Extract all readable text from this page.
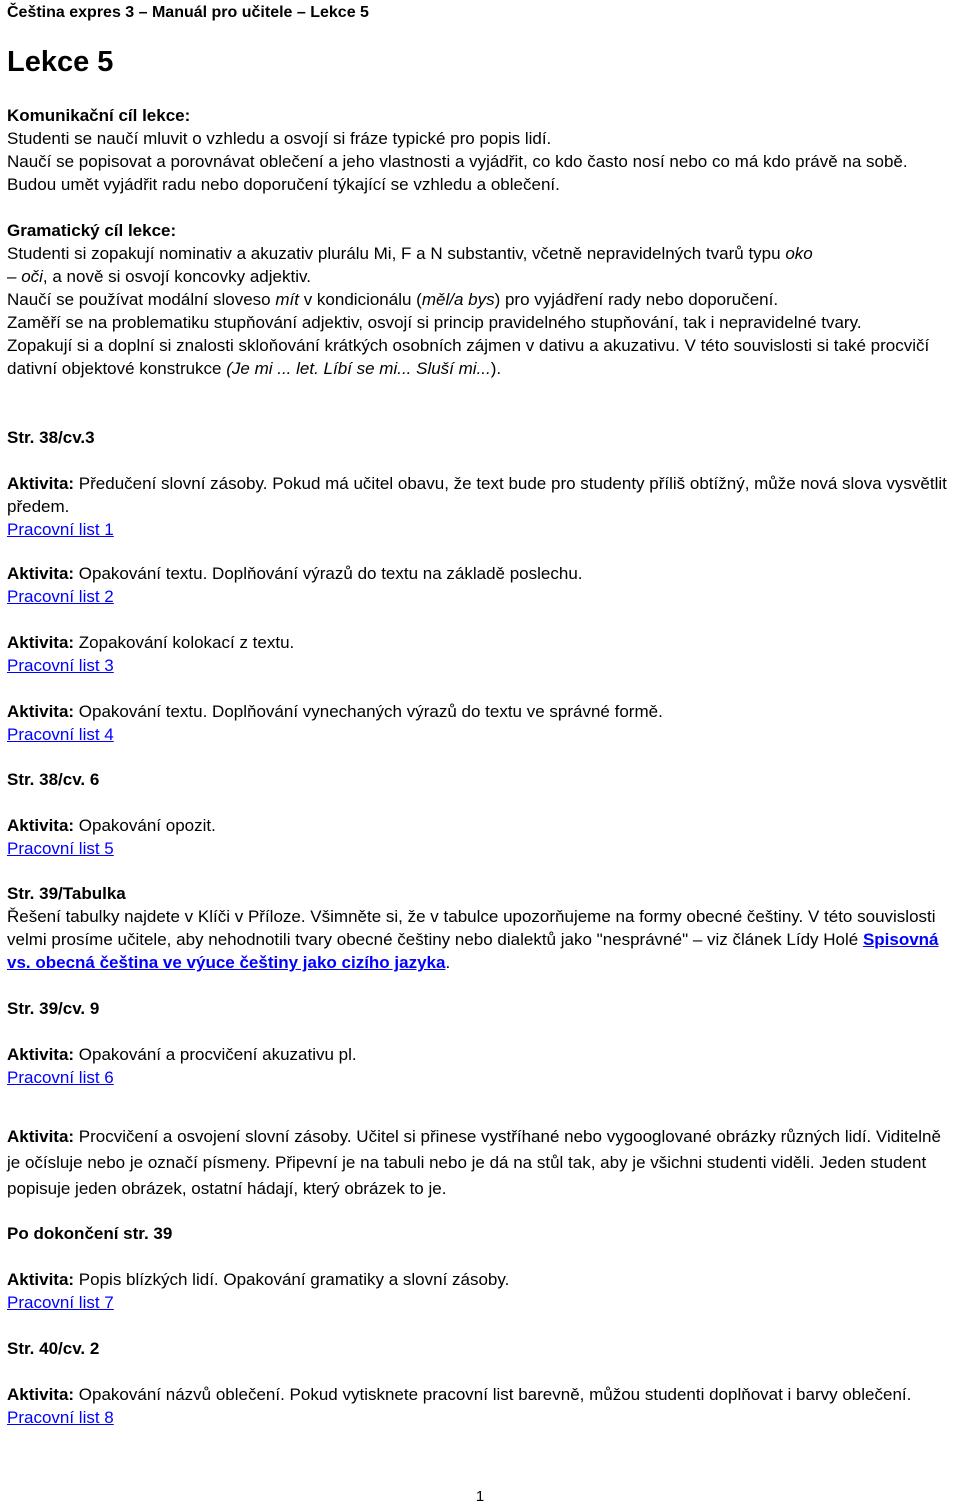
Čeština expres 3 – Manuál pro učitele – Lekce 5
Lekce 5
Komunikační cíl lekce:
Studenti se naučí mluvit o vzhledu a osvojí si fráze typické pro popis lidí.
Naučí se popisovat a porovnávat oblečení a jeho vlastnosti a vyjádřit, co kdo často nosí nebo co má kdo právě na sobě. Budou umět vyjádřit radu nebo doporučení týkající se vzhledu a oblečení.
Gramatický cíl lekce:
Studenti si zopakují nominativ a akuzativ plurálu Mi, F a N substantiv, včetně nepravidelných tvarů typu oko
– oči, a nově si osvojí koncovky adjektiv.
Naučí se používat modální sloveso mít v kondicionálu (měl/a bys) pro vyjádření rady nebo doporučení.
Zaměří se na problematiku stupňování adjektiv, osvojí si princip pravidelného stupňování, tak i nepravidelné tvary.
Zopakují si a doplní si znalosti skloňování krátkých osobních zájmen v dativu a akuzativu. V této souvislosti si také procvičí dativní objektové konstrukce (Je mi ... let. Líbí se mi... Sluší mi...).
Str. 38/cv.3
Aktivita: Předučení slovní zásoby. Pokud má učitel obavu, že text bude pro studenty příliš obtížný, může nová slova vysvětlit předem.
Pracovní list 1
Aktivita: Opakování textu. Doplňování výrazů do textu na základě poslechu.
Pracovní list 2
Aktivita: Zopakování kolokací z textu.
Pracovní list 3
Aktivita: Opakování textu. Doplňování vynechaných výrazů do textu ve správné formě.
Pracovní list 4
Str. 38/cv. 6
Aktivita: Opakování opozit.
Pracovní list 5
Str. 39/Tabulka
Řešení tabulky najdete v Klíči v Příloze. Všimněte si, že v tabulce upozorňujeme na formy obecné češtiny. V této souvislosti velmi prosíme učitele, aby nehodnotili tvary obecné češtiny nebo dialektů jako "nesprávné" – viz článek Lídy Holé Spisovná vs. obecná čeština ve výuce češtiny jako cizího jazyka.
Str. 39/cv. 9
Aktivita: Opakování a procvičení akuzativu pl.
Pracovní list 6
Aktivita: Procvičení a osvojení slovní zásoby. Učitel si přinese vystříhané nebo vygooglované obrázky různých lidí. Viditelně je očísluje nebo je označí písmeny. Připevní je na tabuli nebo je dá na stůl tak, aby je všichni studenti viděli. Jeden student popisuje jeden obrázek, ostatní hádají, který obrázek to je.
Po dokončení str. 39
Aktivita: Popis blízkých lidí. Opakování gramatiky a slovní zásoby.
Pracovní list 7
Str. 40/cv. 2
Aktivita: Opakování názvů oblečení. Pokud vytisknete pracovní list barevně, můžou studenti doplňovat i barvy oblečení.
Pracovní list 8
1
